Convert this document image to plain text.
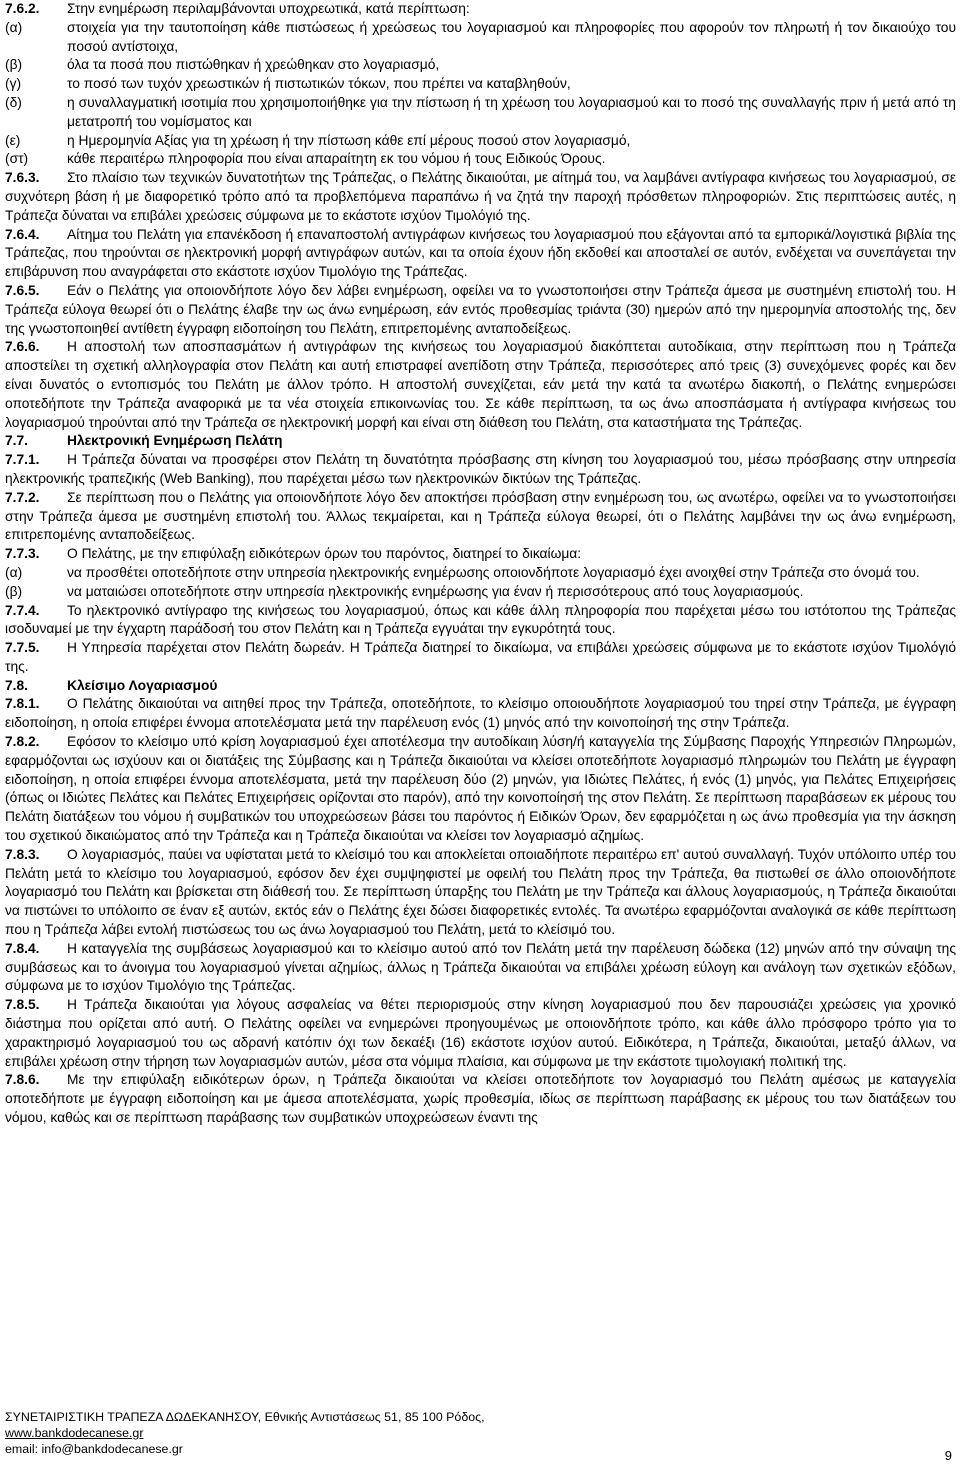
7.6.2. Στην ενημέρωση περιλαμβάνονται υποχρεωτικά, κατά περίπτωση:

(α)	στοιχεία για την ταυτοποίηση κάθε πιστώσεως ή χρεώσεως του λογαριασμού και πληροφορίες που αφορούν τον πληρωτή ή τον δικαιούχο του ποσού αντίστοιχα,
(β)	όλα τα ποσά που πιστώθηκαν ή χρεώθηκαν στο λογαριασμό,
(γ)	το ποσό των τυχόν χρεωστικών ή πιστωτικών τόκων, που πρέπει να καταβληθούν,
(δ)	η συναλλαγματική ισοτιμία που χρησιμοποιήθηκε για την πίστωση ή τη χρέωση του λογαριασμού και το ποσό της συναλλαγής πριν ή μετά από τη μετατροπή του νομίσματος και
(ε)	η Ημερομηνία Αξίας για τη χρέωση ή την πίστωση κάθε επί μέρους ποσού στον λογαριασμό,
(στ)	κάθε περαιτέρω πληροφορία που είναι απαραίτητη εκ του νόμου ή τους Ειδικούς Όρους.

7.6.3. Στο πλαίσιο των τεχνικών δυνατοτήτων της Τράπεζας, ο Πελάτης δικαιούται, με αίτημά του, να λαμβάνει αντίγραφα κινήσεως του λογαριασμού, σε συχνότερη βάση ή με διαφορετικό τρόπο από τα προβλεπόμενα παραπάνω ή να ζητά την παροχή πρόσθετων πληροφοριών. Στις περιπτώσεις αυτές, η Τράπεζα δύναται να επιβάλει χρεώσεις σύμφωνα με το εκάστοτε ισχύον Τιμολόγιό της.

7.6.4. Αίτημα του Πελάτη για επανέκδοση ή επαναποστολή αντιγράφων κινήσεως του λογαριασμού που εξάγονται από τα εμπορικά/λογιστικά βιβλία της Τράπεζας, που τηρούνται σε ηλεκτρονική μορφή αντιγράφων αυτών, και τα οποία έχουν ήδη εκδοθεί και αποσταλεί σε αυτόν, ενδέχεται να συνεπάγεται την επιβάρυνση που αναγράφεται στο εκάστοτε ισχύον Τιμολόγιο της Τράπεζας.

7.6.5. Εάν ο Πελάτης για οποιονδήποτε λόγο δεν λάβει ενημέρωση, οφείλει να το γνωστοποιήσει στην Τράπεζα άμεσα με συστημένη επιστολή του. Η Τράπεζα εύλογα θεωρεί ότι ο Πελάτης έλαβε την ως άνω ενημέρωση, εάν εντός προθεσμίας τριάντα (30) ημερών από την ημερομηνία αποστολής της, δεν της γνωστοποιηθεί αντίθετη έγγραφη ειδοποίηση του Πελάτη, επιτρεπομένης ανταποδείξεως.

7.6.6. Η αποστολή των αποσπασμάτων ή αντιγράφων της κινήσεως του λογαριασμού διακόπτεται αυτοδίκαια, στην περίπτωση που η Τράπεζα αποστείλει τη σχετική αλληλογραφία στον Πελάτη και αυτή επιστραφεί ανεπίδοτη στην Τράπεζα, περισσότερες από τρεις (3) συνεχόμενες φορές και δεν είναι δυνατός ο εντοπισμός του Πελάτη με άλλον τρόπο. Η αποστολή συνεχίζεται, εάν μετά την κατά τα ανωτέρω διακοπή, ο Πελάτης ενημερώσει οποτεδήποτε την Τράπεζα αναφορικά με τα νέα στοιχεία επικοινωνίας του. Σε κάθε περίπτωση, τα ως άνω αποσπάσματα ή αντίγραφα κινήσεως του λογαριασμού τηρούνται από την Τράπεζα σε ηλεκτρονική μορφή και είναι στη διάθεση του Πελάτη, στα καταστήματα της Τράπεζας.

7.7.	Ηλεκτρονική Ενημέρωση Πελάτη

7.7.1. Η Τράπεζα δύναται να προσφέρει στον Πελάτη τη δυνατότητα πρόσβασης στη κίνηση του λογαριασμού του, μέσω πρόσβασης στην υπηρεσία ηλεκτρονικής τραπεζικής (Web Banking), που παρέχεται μέσω των ηλεκτρονικών δικτύων της Τράπεζας.

7.7.2. Σε περίπτωση που ο Πελάτης για οποιονδήποτε λόγο δεν αποκτήσει πρόσβαση στην ενημέρωση του, ως ανωτέρω, οφείλει να το γνωστοποιήσει στην Τράπεζα άμεσα με συστημένη επιστολή του. Άλλως τεκμαίρεται, και η Τράπεζα εύλογα θεωρεί, ότι ο Πελάτης λαμβάνει την ως άνω ενημέρωση, επιτρεπομένης ανταποδείξεως.

7.7.3. Ο Πελάτης, με την επιφύλαξη ειδικότερων όρων του παρόντος, διατηρεί το δικαίωμα:

(α)	να προσθέτει οποτεδήποτε στην υπηρεσία ηλεκτρονικής ενημέρωσης οποιονδήποτε λογαριασμό έχει ανοιχθεί στην Τράπεζα στο όνομά του.
(β)	να ματαιώσει οποτεδήποτε στην υπηρεσία ηλεκτρονικής ενημέρωσης για έναν ή περισσότερους από τους λογαριασμούς.

7.7.4. Το ηλεκτρονικό αντίγραφο της κινήσεως του λογαριασμού, όπως και κάθε άλλη πληροφορία που παρέχεται μέσω του ιστότοπου της Τράπεζας ισοδυναμεί με την έγχαρτη παράδοσή του στον Πελάτη και η Τράπεζα εγγυάται την εγκυρότητά τους.

7.7.5. Η Υπηρεσία παρέχεται στον Πελάτη δωρεάν. Η Τράπεζα διατηρεί το δικαίωμα, να επιβάλει χρεώσεις σύμφωνα με το εκάστοτε ισχύον Τιμολόγιό της.

7.8.	Κλείσιμο Λογαριασμού

7.8.1. Ο Πελάτης δικαιούται να αιτηθεί προς την Τράπεζα, οποτεδήποτε, το κλείσιμο οποιουδήποτε λογαριασμού του τηρεί στην Τράπεζα, με έγγραφη ειδοποίηση, η οποία επιφέρει έννομα αποτελέσματα μετά την παρέλευση ενός (1) μηνός από την κοινοποίησή της στην Τράπεζα.

7.8.2. Εφόσον το κλείσιμο υπό κρίση λογαριασμού έχει αποτέλεσμα την αυτοδίκαιη λύση/ή καταγγελία της Σύμβασης Παροχής Υπηρεσιών Πληρωμών, εφαρμόζονται ως ισχύουν και οι διατάξεις της Σύμβασης και η Τράπεζα δικαιούται να κλείσει οποτεδήποτε λογαριασμό πληρωμών του Πελάτη με έγγραφη ειδοποίηση, η οποία επιφέρει έννομα αποτελέσματα, μετά την παρέλευση δύο (2) μηνών, για Ιδιώτες Πελάτες, ή ενός (1) μηνός, για Πελάτες Επιχειρήσεις (όπως οι Ιδιώτες Πελάτες και Πελάτες Επιχειρήσεις ορίζονται στο παρόν), από την κοινοποίησή της στον Πελάτη. Σε περίπτωση παραβάσεων εκ μέρους του Πελάτη διατάξεων του νόμου ή συμβατικών του υποχρεώσεων βάσει του παρόντος ή Ειδικών Όρων, δεν εφαρμόζεται η ως άνω προθεσμία για την άσκηση του σχετικού δικαιώματος από την Τράπεζα και η Τράπεζα δικαιούται να κλείσει τον λογαριασμό αζημίως.

7.8.3. Ο λογαριασμός, παύει να υφίσταται μετά το κλείσιμό του και αποκλείεται οποιαδήποτε περαιτέρω επ' αυτού συναλλαγή. Τυχόν υπόλοιπο υπέρ του Πελάτη μετά το κλείσιμο του λογαριασμού, εφόσον δεν έχει συμψηφιστεί με οφειλή του Πελάτη προς την Τράπεζα, θα πιστωθεί σε άλλο οποιονδήποτε λογαριασμό του Πελάτη και βρίσκεται στη διάθεσή του. Σε περίπτωση ύπαρξης του Πελάτη με την Τράπεζα και άλλους λογαριασμούς, η Τράπεζα δικαιούται να πιστώνει το υπόλοιπο σε έναν εξ αυτών, εκτός εάν ο Πελάτης έχει δώσει διαφορετικές εντολές. Τα ανωτέρω εφαρμόζονται αναλογικά σε κάθε περίπτωση που η Τράπεζα λάβει εντολή πιστώσεως του ως άνω λογαριασμού του Πελάτη, μετά το κλείσιμό του.

7.8.4. Η καταγγελία της συμβάσεως λογαριασμού και το κλείσιμο αυτού από τον Πελάτη μετά την παρέλευση δώδεκα (12) μηνών από την σύναψη της συμβάσεως και το άνοιγμα του λογαριασμού γίνεται αζημίως, άλλως η Τράπεζα δικαιούται να επιβάλει χρέωση εύλογη και ανάλογη των σχετικών εξόδων, σύμφωνα με το ισχύον Τιμολόγιο της Τράπεζας.

7.8.5. Η Τράπεζα δικαιούται για λόγους ασφαλείας να θέτει περιορισμούς στην κίνηση λογαριασμού που δεν παρουσιάζει χρεώσεις για χρονικό διάστημα που ορίζεται από αυτή. Ο Πελάτης οφείλει να ενημερώνει προηγουμένως με οποιονδήποτε τρόπο, και κάθε άλλο πρόσφορο τρόπο για το χαρακτηρισμό λογαριασμού του ως αδρανή κατόπιν όχι των δεκαέξι (16) εκάστοτε ισχύον αυτού. Ειδικότερα, η Τράπεζα, δικαιούται, μεταξύ άλλων, να επιβάλει χρέωση στην τήρηση των λογαριασμών αυτών, μέσα στα νόμιμα πλαίσια, και σύμφωνα με την εκάστοτε τιμολογιακή πολιτική της.

7.8.6. Με την επιφύλαξη ειδικότερων όρων, η Τράπεζα δικαιούται να κλείσει οποτεδήποτε τον λογαριασμό του Πελάτη αμέσως με καταγγελία οποτεδήποτε με έγγραφη ειδοποίηση και με άμεσα αποτελέσματα, χωρίς προθεσμία, ιδίως σε περίπτωση παράβασης εκ μέρους του των διατάξεων του νόμου, καθώς και σε περίπτωση παράβασης των συμβατικών υποχρεώσεων έναντι της

ΣΥΝΕΤΑΙΡΙΣΤΙΚΗ ΤΡΑΠΕΖΑ ΔΩΔΕΚΑΝΗΣΟΥ, Εθνικής Αντιστάσεως 51, 85 100 Ρόδος,
www.bankdodecanese.gr
email: info@bankdodecanese.gr	9
